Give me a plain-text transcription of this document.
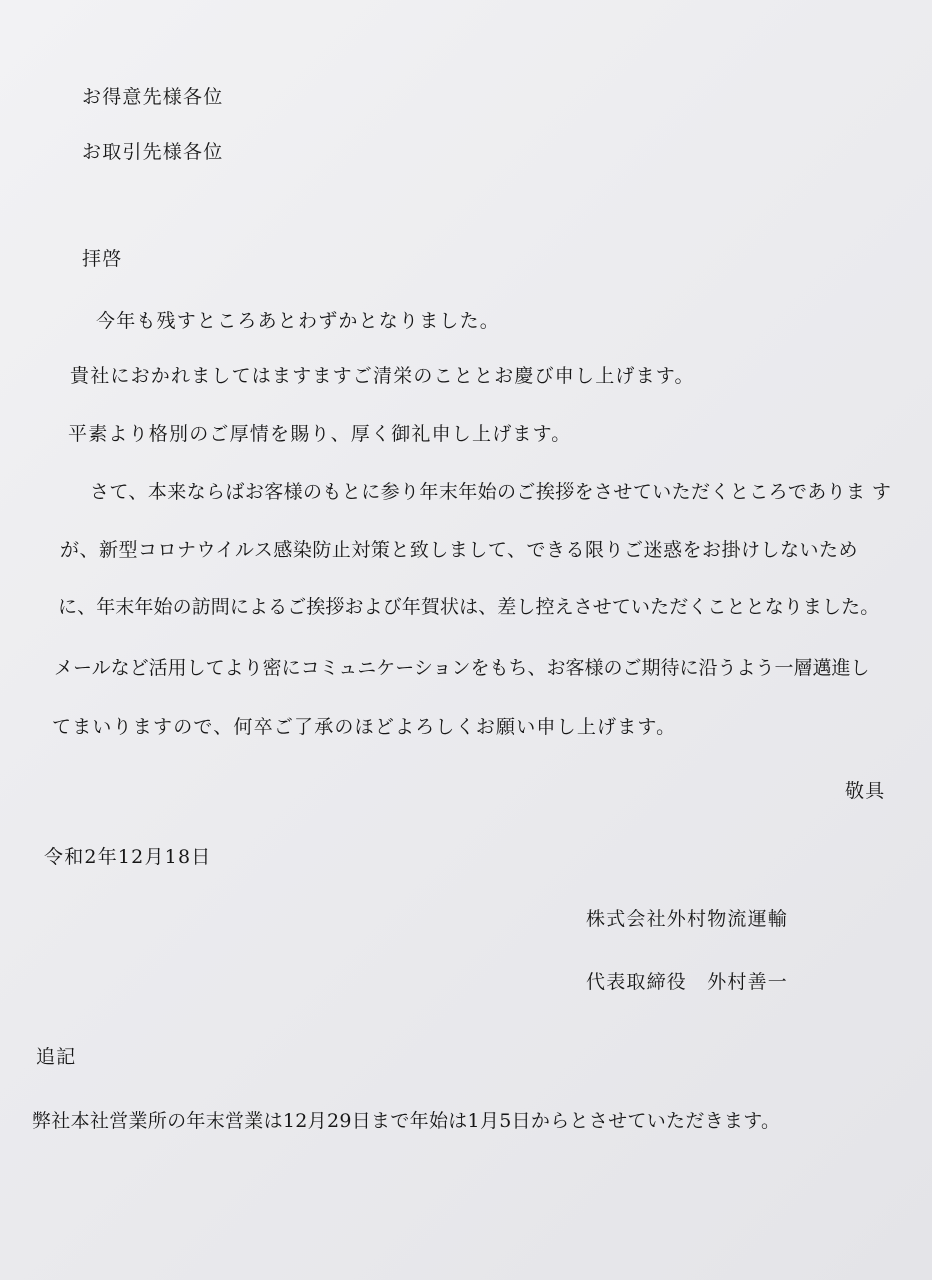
お得意先様各位
お取引先様各位
拝啓
今年も残すところあとわずかとなりました。
貴社におかれましてはますますご清栄のこととお慶び申し上げます。
平素より格別のご厚情を賜り、厚く御礼申し上げます。
さて、本来ならばお客様のもとに参り年末年始のご挨拶をさせていただくところでありま す
が、新型コロナウイルス感染防止対策と致しまして、できる限りご迷惑をお掛けしないため
に、年末年始の訪問によるご挨拶および年賀状は、差し控えさせていただくこととなりました。
メールなど活用してより密にコミュニケーションをもち、お客様のご期待に沿うよう一層邁進し
てまいりますので、何卒ご了承のほどよろしくお願い申し上げます。
敬具
令和2年12月18日
株式会社外村物流運輸
代表取締役　外村善一
追記
弊社本社営業所の年末営業は12月29日まで年始は1月5日からとさせていただきます。
